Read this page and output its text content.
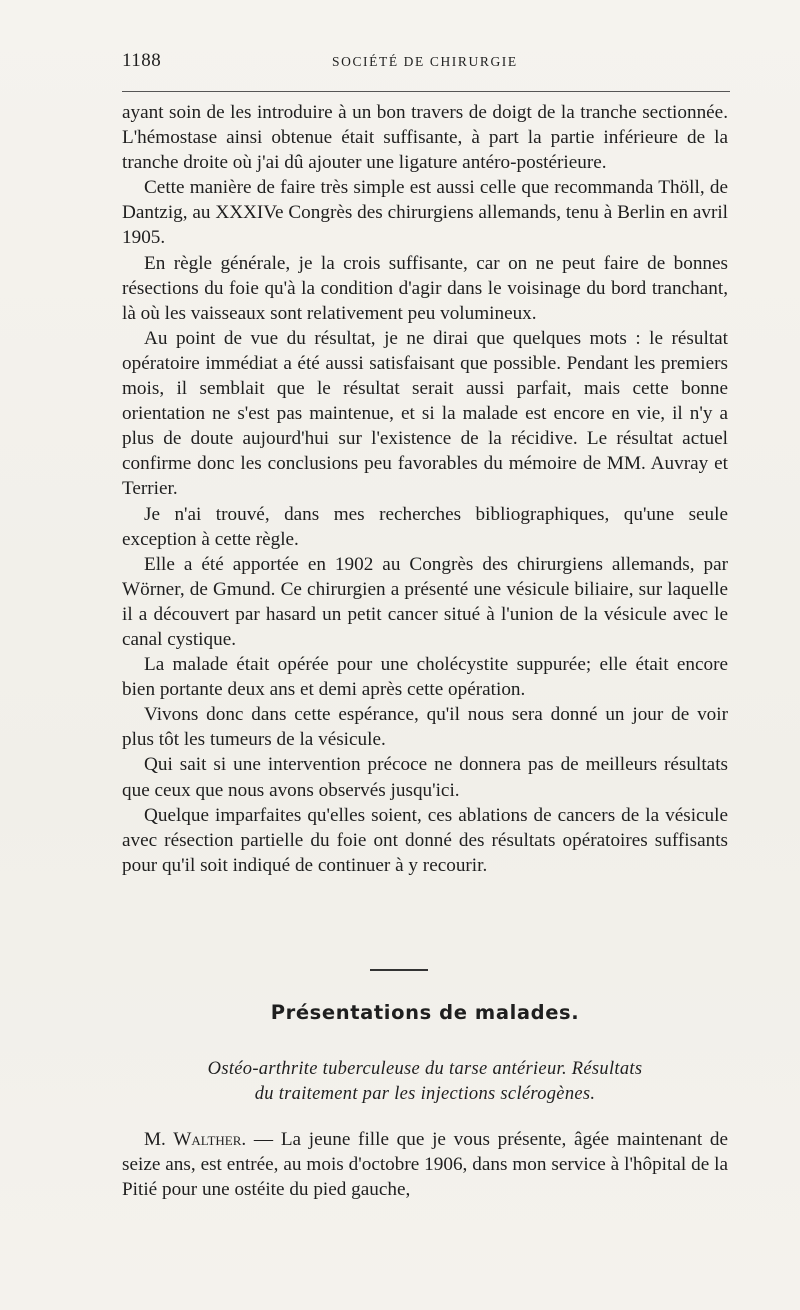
1188	SOCIÉTÉ DE CHIRURGIE

ayant soin de les introduire à un bon travers de doigt de la tranche sectionnée. L'hémostase ainsi obtenue était suffisante, à part la partie inférieure de la tranche droite où j'ai dû ajouter une ligature antéro-postérieure.

Cette manière de faire très simple est aussi celle que recommanda Thöll, de Dantzig, au XXXIVe Congrès des chirurgiens allemands, tenu à Berlin en avril 1905.

En règle générale, je la crois suffisante, car on ne peut faire de bonnes résections du foie qu'à la condition d'agir dans le voisinage du bord tranchant, là où les vaisseaux sont relativement peu volumineux.

Au point de vue du résultat, je ne dirai que quelques mots : le résultat opératoire immédiat a été aussi satisfaisant que possible. Pendant les premiers mois, il semblait que le résultat serait aussi parfait, mais cette bonne orientation ne s'est pas maintenue, et si la malade est encore en vie, il n'y a plus de doute aujourd'hui sur l'existence de la récidive. Le résultat actuel confirme donc les conclusions peu favorables du mémoire de MM. Auvray et Terrier.

Je n'ai trouvé, dans mes recherches bibliographiques, qu'une seule exception à cette règle.

Elle a été apportée en 1902 au Congrès des chirurgiens allemands, par Wörner, de Gmund. Ce chirurgien a présenté une vésicule biliaire, sur laquelle il a découvert par hasard un petit cancer situé à l'union de la vésicule avec le canal cystique.

La malade était opérée pour une cholécystite suppurée; elle était encore bien portante deux ans et demi après cette opération.

Vivons donc dans cette espérance, qu'il nous sera donné un jour de voir plus tôt les tumeurs de la vésicule.

Qui sait si une intervention précoce ne donnera pas de meilleurs résultats que ceux que nous avons observés jusqu'ici.

Quelque imparfaites qu'elles soient, ces ablations de cancers de la vésicule avec résection partielle du foie ont donné des résultats opératoires suffisants pour qu'il soit indiqué de continuer à y recourir.

Présentations de malades.
Ostéo-arthrite tuberculeuse du tarse antérieur. Résultats
du traitement par les injections sclérogènes.

M. Walther. — La jeune fille que je vous présente, âgée maintenant de seize ans, est entrée, au mois d'octobre 1906, dans mon service à l'hôpital de la Pitié pour une ostéite du pied gauche,
